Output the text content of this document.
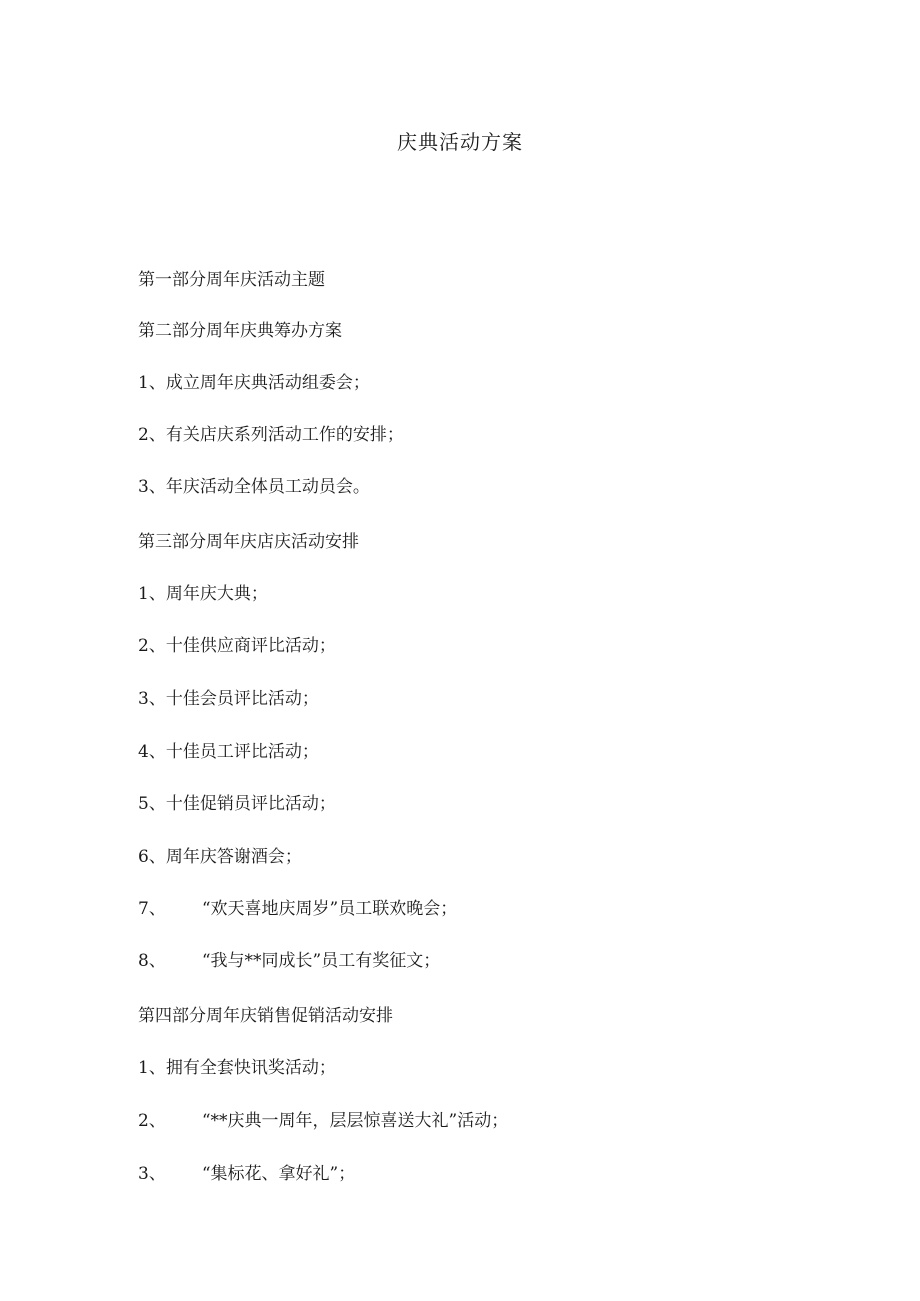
庆典活动方案

第一部分周年庆活动主题

第二部分周年庆典筹办方案

1、成立周年庆典活动组委会；

2、有关店庆系列活动工作的安排；

3、年庆活动全体员工动员会。

第三部分周年庆店庆活动安排

1、周年庆大典；

2、十佳供应商评比活动；

3、十佳会员评比活动；

4、十佳员工评比活动；

5、十佳促销员评比活动；

6、周年庆答谢酒会；

7、 “欢天喜地庆周岁”员工联欢晚会；

8、 “我与**同成长”员工有奖征文；

第四部分周年庆销售促销活动安排

1、拥有全套快讯奖活动；

2、 “**庆典一周年，层层惊喜送大礼”活动；

3、 “集标花、拿好礼”；
